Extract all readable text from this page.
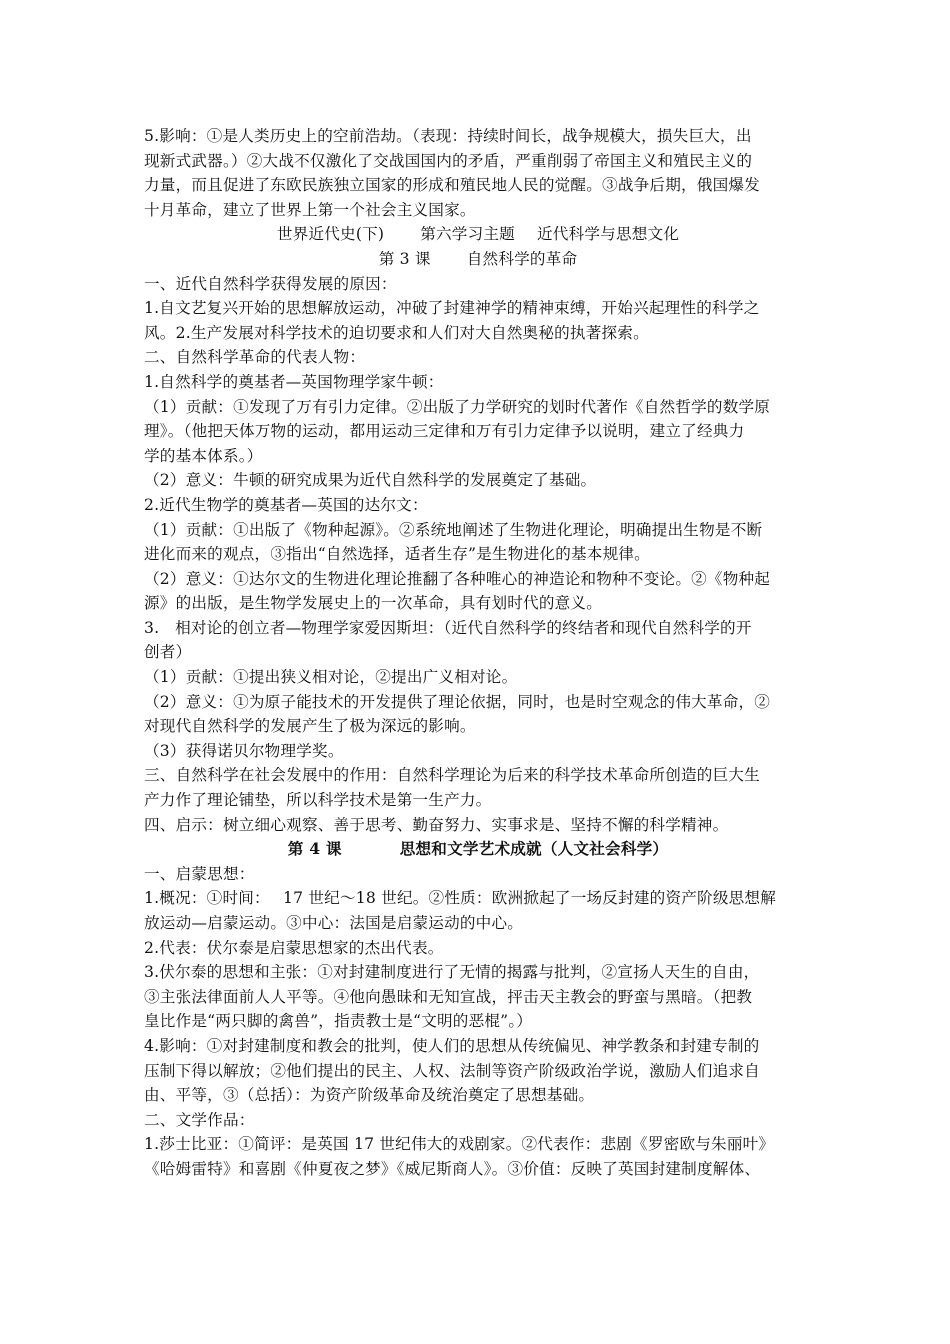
5.影响：①是人类历史上的空前浩劫。（表现：持续时间长，战争规模大，损失巨大，出
现新式武器。）②大战不仅激化了交战国国内的矛盾，严重削弱了帝国主义和殖民主义的
力量，而且促进了东欧民族独立国家的形成和殖民地人民的觉醒。③战争后期，俄国爆发
十月革命，建立了世界上第一个社会主义国家。
世界近代史(下) 第六学习主题 近代科学与思想文化
第 3 课 自然科学的革命
一、近代自然科学获得发展的原因：
1.自文艺复兴开始的思想解放运动，冲破了封建神学的精神束缚，开始兴起理性的科学之
风。2.生产发展对科学技术的迫切要求和人们对大自然奥秘的执著探索。
二、自然科学革命的代表人物：
1.自然科学的奠基者—英国物理学家牛顿：
（1）贡献：①发现了万有引力定律。②出版了力学研究的划时代著作《自然哲学的数学原
理》。（他把天体万物的运动，都用运动三定律和万有引力定律予以说明，建立了经典力
学的基本体系。）
（2）意义：牛顿的研究成果为近代自然科学的发展奠定了基础。
2.近代生物学的奠基者—英国的达尔文：
（1）贡献：①出版了《物种起源》。②系统地阐述了生物进化理论，明确提出生物是不断
进化而来的观点，③指出“自然选择，适者生存”是生物进化的基本规律。
（2）意义：①达尔文的生物进化理论推翻了各种唯心的神造论和物种不变论。②《物种起
源》的出版，是生物学发展史上的一次革命，具有划时代的意义。
3.　相对论的创立者—物理学家爱因斯坦：（近代自然科学的终结者和现代自然科学的开
创者）
（1）贡献：①提出狭义相对论，②提出广义相对论。
（2）意义：①为原子能技术的开发提供了理论依据，同时，也是时空观念的伟大革命，②
对现代自然科学的发展产生了极为深远的影响。
（3）获得诺贝尔物理学奖。
三、自然科学在社会发展中的作用：自然科学理论为后来的科学技术革命所创造的巨大生
产力作了理论铺垫，所以科学技术是第一生产力。
四、启示：树立细心观察、善于思考、勤奋努力、实事求是、坚持不懈的科学精神。
第 4 课	思想和文学艺术成就（人文社会科学）
一、启蒙思想：
1.概况：①时间：　 17 世纪～18 世纪。②性质：欧洲掀起了一场反封建的资产阶级思想解
放运动—启蒙运动。③中心：法国是启蒙运动的中心。
2.代表：伏尔泰是启蒙思想家的杰出代表。
3.伏尔泰的思想和主张：①对封建制度进行了无情的揭露与批判，②宣扬人天生的自由，
③主张法律面前人人平等。④他向愚昧和无知宣战，抨击天主教会的野蛮与黑暗。（把教
皇比作是“两只脚的禽兽”，指责教士是“文明的恶棍”。）
4.影响：①对封建制度和教会的批判，使人们的思想从传统偏见、神学教条和封建专制的
压制下得以解放；②他们提出的民主、人权、法制等资产阶级政治学说，激励人们追求自
由、平等，③（总括）：为资产阶级革命及统治奠定了思想基础。
二、文学作品：
1.莎士比亚：①简评：是英国 17 世纪伟大的戏剧家。②代表作：悲剧《罗密欧与朱丽叶》
《哈姆雷特》和喜剧《仲夏夜之梦》《威尼斯商人》。③价值：反映了英国封建制度解体、
